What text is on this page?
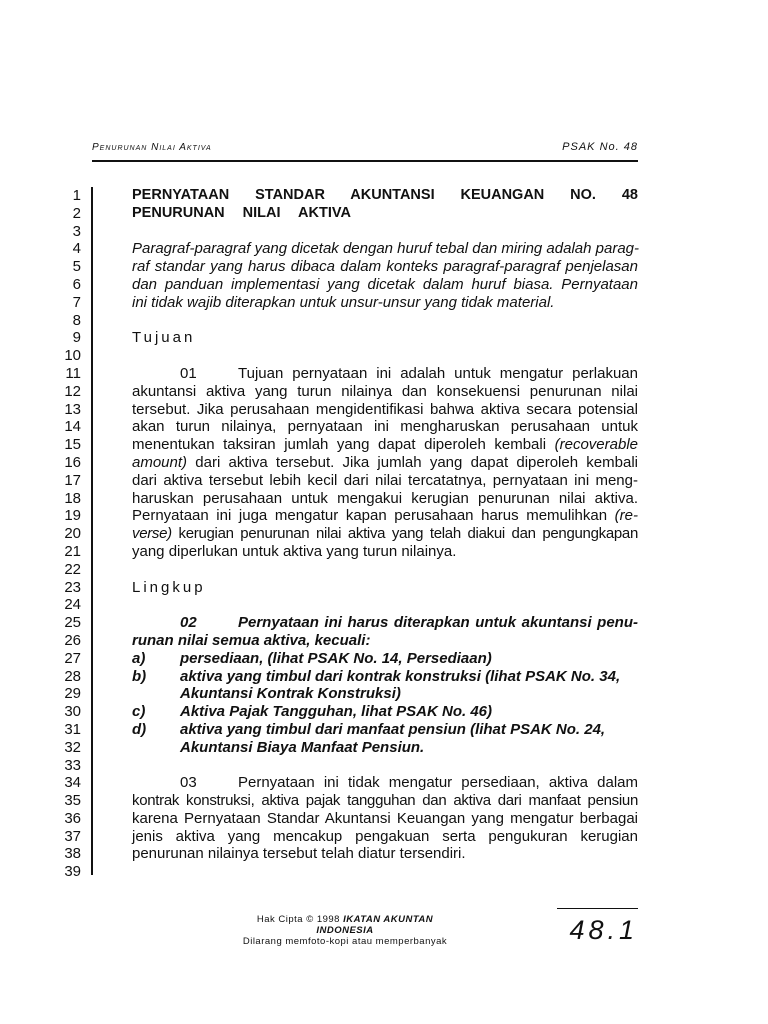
Penurunan Nilai Aktiva	PSAK No. 48
1
2
3
4
5
6
7
8
9
10
11
12
13
14
15
16
17
18
19
20
21
22
23
24
25
26
27
28
29
30
31
32
33
34
35
36
37
38
39
PERNYATAAN STANDAR AKUNTANSI KEUANGAN NO. 48
PENURUNAN NILAI AKTIVA
Paragraf-paragraf yang dicetak dengan huruf tebal dan miring adalah parag-
raf standar yang harus dibaca dalam konteks paragraf-paragraf penjelasan
dan panduan implementasi yang dicetak dalam huruf biasa. Pernyataan
ini tidak wajib diterapkan untuk unsur-unsur yang tidak material.
Tujuan
01	Tujuan pernyataan ini adalah untuk mengatur perlakuan
akuntansi aktiva yang turun nilainya dan konsekuensi penurunan nilai
tersebut. Jika perusahaan mengidentifikasi bahwa aktiva secara potensial
akan turun nilainya, pernyataan ini mengharuskan perusahaan untuk
menentukan taksiran jumlah yang dapat diperoleh kembali (recoverable
amount) dari aktiva tersebut. Jika jumlah yang dapat diperoleh kembali
dari aktiva tersebut lebih kecil dari nilai tercatatnya, pernyataan ini meng-
haruskan perusahaan untuk mengakui kerugian penurunan nilai aktiva.
Pernyataan ini juga mengatur kapan perusahaan harus memulihkan (re-
verse) kerugian penurunan nilai aktiva yang telah diakui dan pengungkapan
yang diperlukan untuk aktiva yang turun nilainya.
Lingkup
02	Pernyataan ini harus diterapkan untuk akuntansi penu-
runan nilai semua aktiva, kecuali:
a)	persediaan, (lihat PSAK No. 14, Persediaan)
b)	aktiva yang timbul dari kontrak konstruksi (lihat PSAK No. 34,
Akuntansi Kontrak Konstruksi)
c)	Aktiva Pajak Tangguhan, lihat PSAK No. 46)
d)	aktiva yang timbul dari manfaat pensiun (lihat PSAK No. 24,
Akuntansi Biaya Manfaat Pensiun.
03	Pernyataan ini tidak mengatur persediaan, aktiva dalam
kontrak konstruksi, aktiva pajak tangguhan dan aktiva dari manfaat pensiun
karena Pernyataan Standar Akuntansi Keuangan yang mengatur berbagai
jenis aktiva yang mencakup pengakuan serta pengukuran kerugian
penurunan nilainya tersebut telah diatur tersendiri.
Hak Cipta © 1998 IKATAN AKUNTAN INDONESIA
Dilarang memfoto-kopi atau memperbanyak	48.1
